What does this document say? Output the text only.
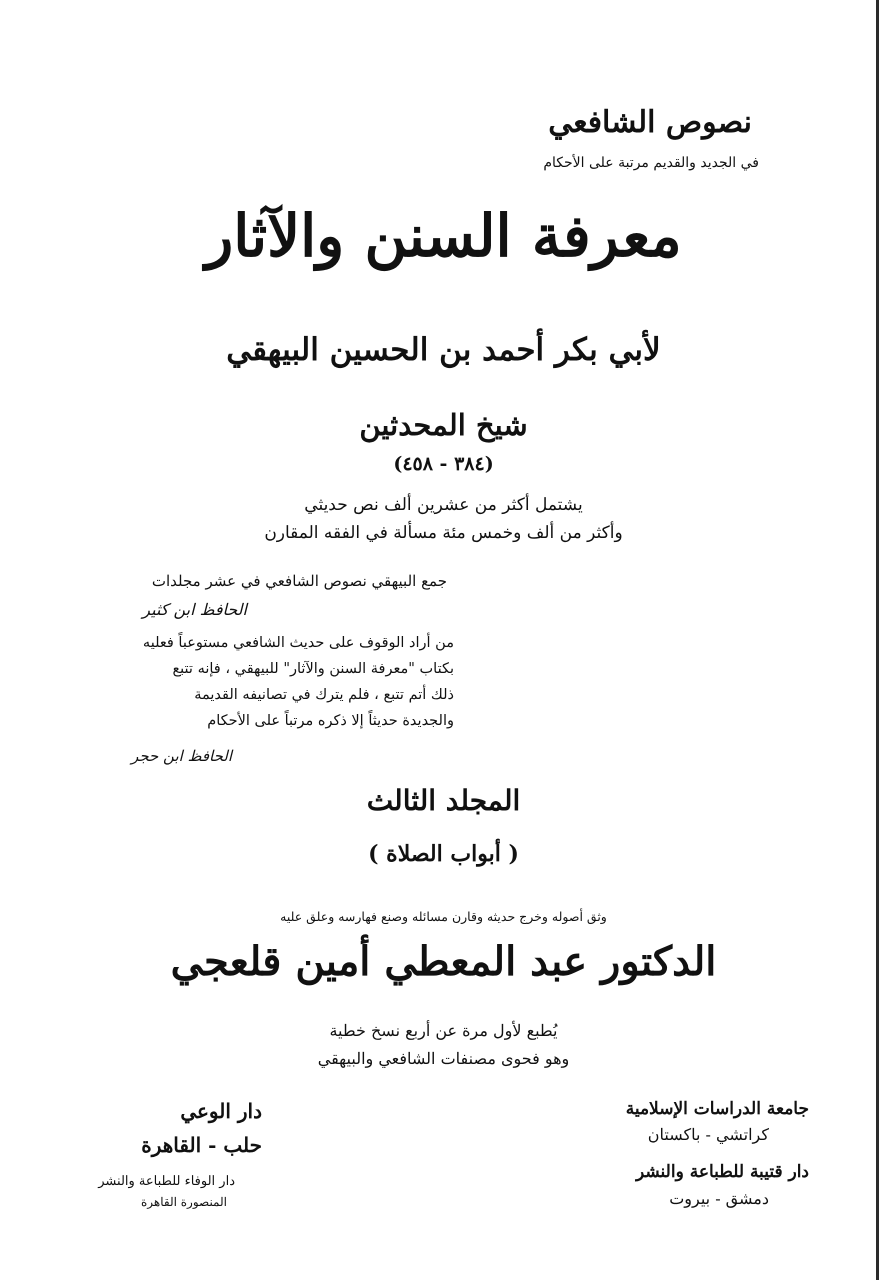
نصوص الشافعي
في الجديد والقديم مرتبة على الأحكام
معرفة السنن والآثار
لأبي بكر أحمد بن الحسين البيهقي
شيخ المحدثين
(٣٨٤ - ٤٥٨)
يشتمل أكثر من عشرين ألف نص حديثي
وأكثر من ألف وخمس مئة مسألة في الفقه المقارن
جمع البيهقي نصوص الشافعي في عشر مجلدات
الحافظ ابن كثير
من أراد الوقوف على حديث الشافعي مستوعباً فعليه
بكتاب "معرفة السنن والآثار" للبيهقي ، فإنه تتبع
ذلك أتم تتبع ، فلم يترك في تصانيفه القديمة
والجديدة حديثاً إلا ذكره مرتباً على الأحكام
الحافظ ابن حجر
المجلد الثالث
( أبواب الصلاة )
وثق أصوله وخرج حديثه وقارن مسائله وصنع فهارسه وعلق عليه
الدكتور عبد المعطي أمين قلعجي
يُطبع لأول مرة عن أربع نسخ خطية
وهو فحوى مصنفات الشافعي والبيهقي
جامعة الدراسات الإسلامية
كراتشي - باكستان
دار قتيبة للطباعة والنشر
دمشق - بيروت
دار الوعي
حلب - القاهرة
دار الوفاء للطباعة والنشر
المنصورة القاهرة
